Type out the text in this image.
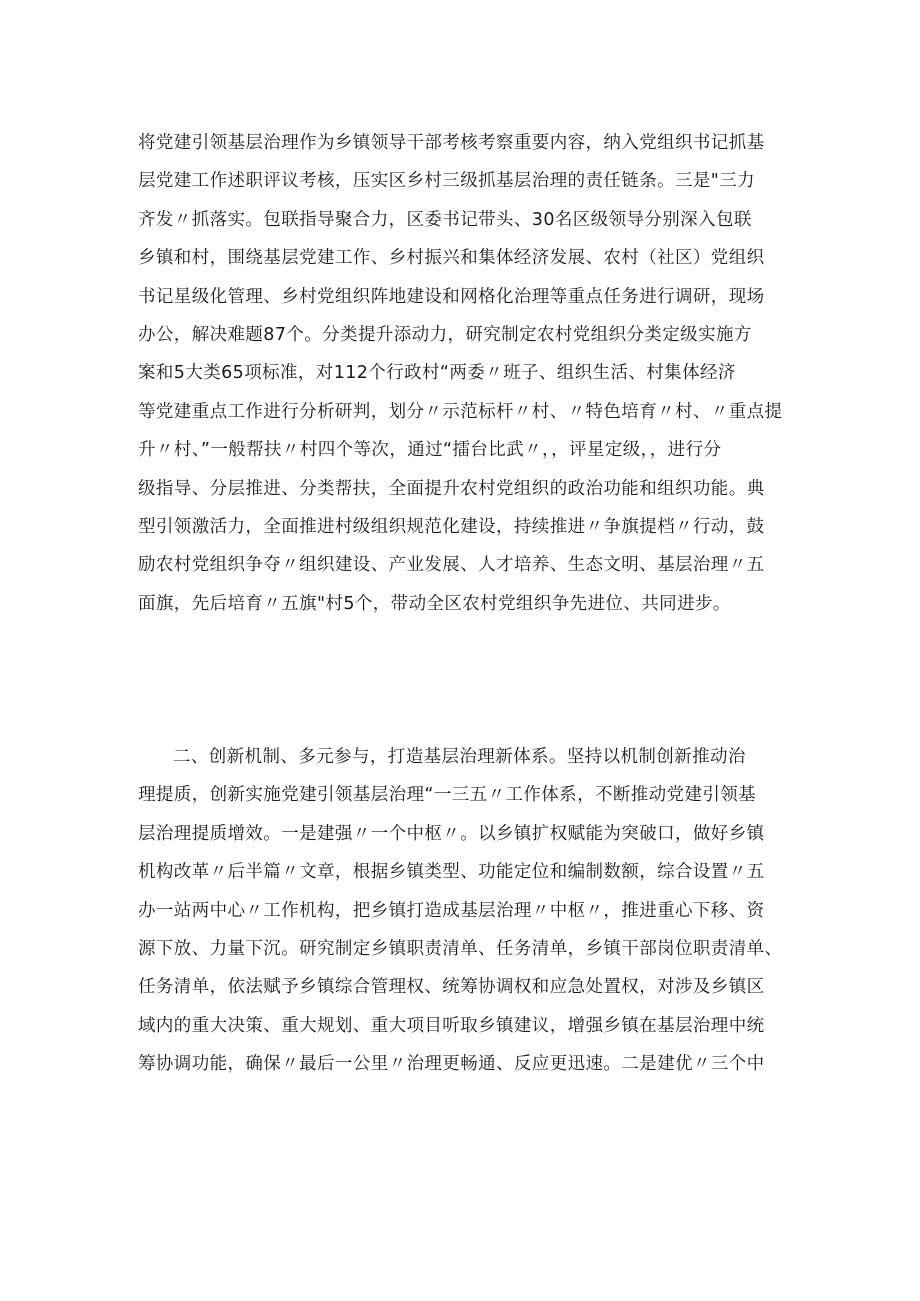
将党建引领基层治理作为乡镇领导干部考核考察重要内容，纳入党组织书记抓基
层党建工作述职评议考核，压实区乡村三级抓基层治理的责任链条。三是"三力
齐发〃抓落实。包联指导聚合力，区委书记带头、30名区级领导分别深入包联
乡镇和村，围绕基层党建工作、乡村振兴和集体经济发展、农村（社区）党组织
书记星级化管理、乡村党组织阵地建设和网格化治理等重点任务进行调研，现场
办公，解决难题87个。分类提升添动力，研究制定农村党组织分类定级实施方
案和5大类65项标准，对112个行政村“两委〃班子、组织生活、村集体经济
等党建重点工作进行分析研判，划分〃示范标杆〃村、〃特色培育〃村、〃重点提
升〃村、”一般帮扶〃村四个等次，通过“擂台比武〃，，评星定级，，进行分
级指导、分层推进、分类帮扶，全面提升农村党组织的政治功能和组织功能。典
型引领激活力，全面推进村级组织规范化建设，持续推进〃争旗提档〃行动，鼓
励农村党组织争夺〃组织建设、产业发展、人才培养、生态文明、基层治理〃五
面旗，先后培育〃五旗"村5个，带动全区农村党组织争先进位、共同进步。
二、创新机制、多元参与，打造基层治理新体系。坚持以机制创新推动治
理提质，创新实施党建引领基层治理“一三五〃工作体系，不断推动党建引领基
层治理提质增效。一是建强〃一个中枢〃。以乡镇扩权赋能为突破口，做好乡镇
机构改革〃后半篇〃文章，根据乡镇类型、功能定位和编制数额，综合设置〃五
办一站两中心〃工作机构，把乡镇打造成基层治理〃中枢〃，推进重心下移、资
源下放、力量下沉。研究制定乡镇职责清单、任务清单，乡镇干部岗位职责清单、
任务清单，依法赋予乡镇综合管理权、统筹协调权和应急处置权，对涉及乡镇区
域内的重大决策、重大规划、重大项目听取乡镇建议，增强乡镇在基层治理中统
筹协调功能，确保〃最后一公里〃治理更畅通、反应更迅速。二是建优〃三个中
